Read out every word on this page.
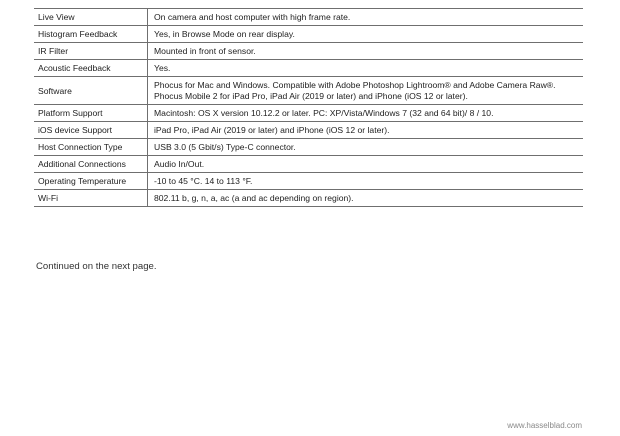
Live View	On camera and host computer with high frame rate.

Histogram Feedback	Yes, in Browse Mode on rear display.

IR Filter	Mounted in front of sensor.

Acoustic Feedback	Yes.

Software	Phocus for Mac and Windows. Compatible with Adobe Photoshop Lightroom® and Adobe Camera Raw®.
Phocus Mobile 2 for iPad Pro, iPad Air (2019 or later) and iPhone (iOS 12 or later).

Platform Support	Macintosh: OS X version 10.12.2 or later. PC: XP/Vista/Windows 7 (32 and 64 bit)/ 8 / 10.

iOS device Support	iPad Pro, iPad Air (2019 or later) and iPhone (iOS 12 or later).

Host Connection Type	USB 3.0 (5 Gbit/s) Type-C connector.

Additional Connections	Audio In/Out.

Operating Temperature	-10 to 45 °C. 14 to 113 °F.

Wi-Fi	802.11 b, g, n, a, ac (a and ac depending on region).
Continued on the next page.
www.hasselblad.com
